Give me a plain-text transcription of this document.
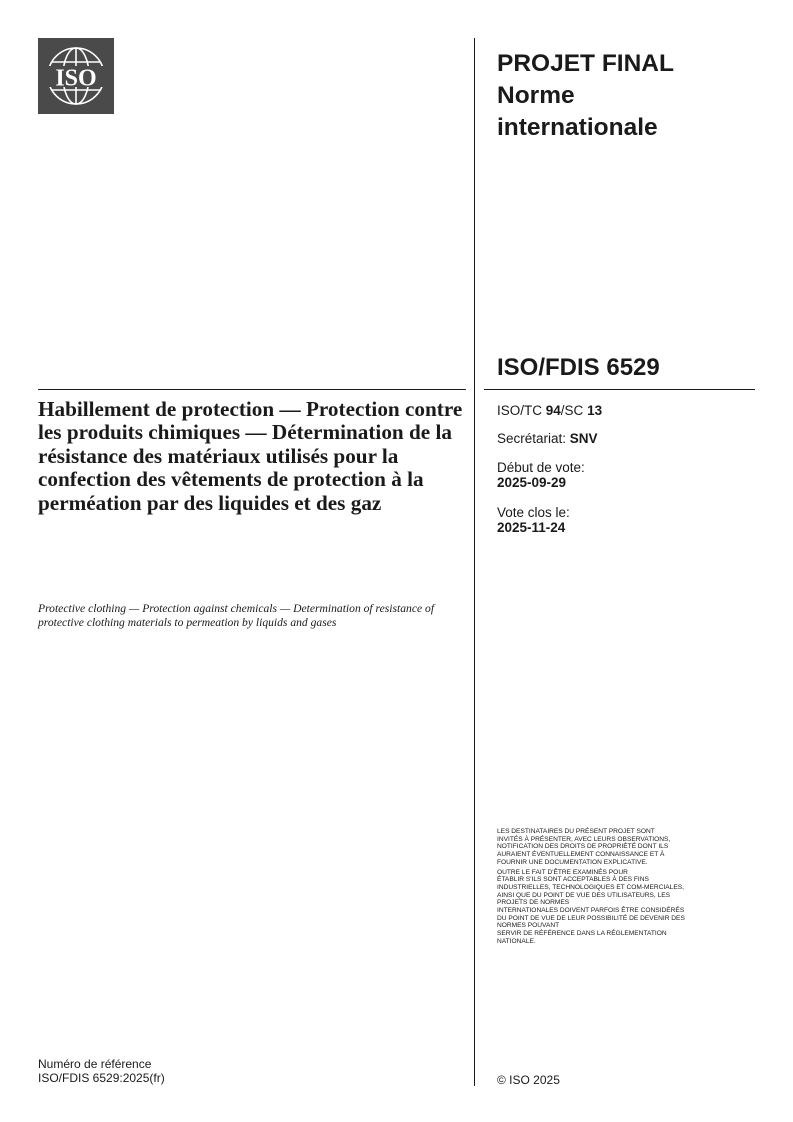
ISO
PROJET FINAL
Norme
internationale
ISO/FDIS 6529
ISO/TC 94/SC 13
Secrétariat: SNV
Début de vote:
2025-09-29
Vote clos le:
2025-11-24
Habillement de protection — Protection contre les produits chimiques — Détermination de la résistance des matériaux utilisés pour la confection des vêtements de protection à la perméation par des liquides et des gaz
Protective clothing — Protection against chemicals — Determination of resistance of protective clothing materials to permeation by liquids and gases

LES DESTINATAIRES DU PRÉSENT PROJET SONT
INVITÉS À PRÉSENTER, AVEC LEURS OBSERVATIONS,
NOTIFICATION DES DROITS DE PROPRIÉTÉ DONT ILS
AURAIENT ÉVENTUELLEMENT CONNAISSANCE ET À
FOURNIR UNE DOCUMENTATION EXPLICATIVE.

OUTRE LE FAIT D'ÊTRE EXAMINÉS POUR
ÉTABLIR S'ILS SONT ACCEPTABLES À DES FINS
INDUSTRIELLES, TECHNOLOGIQUES ET COM-MERCIALES,
AINSI QUE DU POINT DE VUE DES UTILISATEURS, LES
PROJETS DE NORMES
INTERNATIONALES DOIVENT PARFOIS ÊTRE CONSIDÉRÉS
DU POINT DE VUE DE LEUR POSSIBILITÉ DE DEVENIR DES
NORMES POUVANT
SERVIR DE RÉFÉRENCE DANS LA RÉGLEMENTATION
NATIONALE.

Numéro de référence
ISO/FDIS 6529:2025(fr)	© ISO 2025
